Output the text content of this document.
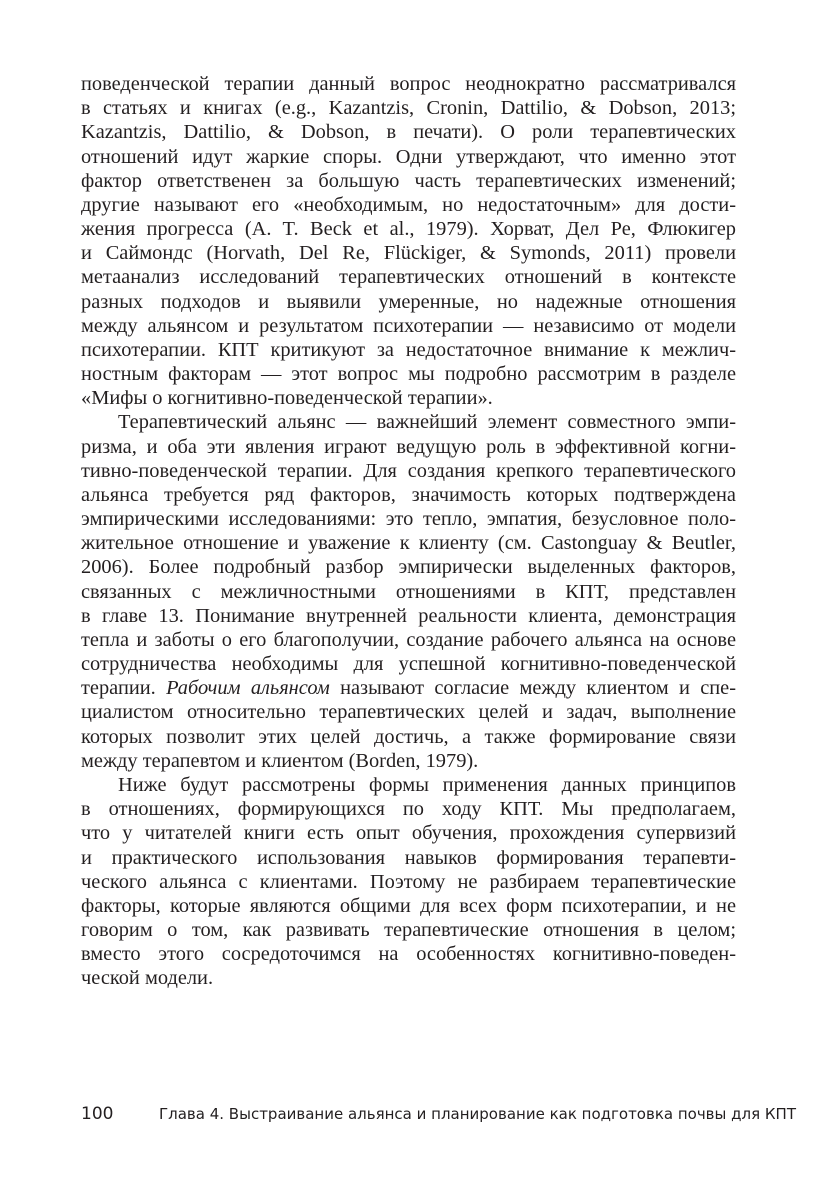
поведенческой терапии данный вопрос неоднократно рассматривался
в статьях и книгах (e.g., Kazantzis, Cronin, Dattilio, & Dobson, 2013;
Kazantzis, Dattilio, & Dobson, в печати). О роли терапевтических
отношений идут жаркие споры. Одни утверждают, что именно этот
фактор ответственен за большую часть терапевтических изменений;
другие называют его «необходимым, но недостаточным» для дости-
жения прогресса (A. T. Beck et al., 1979). Хорват, Дел Ре, Флюкигер
и Саймондс (Horvath, Del Re, Flückiger, & Symonds, 2011) провели
метаанализ исследований терапевтических отношений в контексте
разных подходов и выявили умеренные, но надежные отношения
между альянсом и результатом психотерапии — независимо от модели
психотерапии. КПТ критикуют за недостаточное внимание к межлич-
ностным факторам — этот вопрос мы подробно рассмотрим в разделе
«Мифы о когнитивно-поведенческой терапии».
Терапевтический альянс — важнейший элемент совместного эмпи-
ризма, и оба эти явления играют ведущую роль в эффективной когни-
тивно-поведенческой терапии. Для создания крепкого терапевтического
альянса требуется ряд факторов, значимость которых подтверждена
эмпирическими исследованиями: это тепло, эмпатия, безусловное поло-
жительное отношение и уважение к клиенту (см. Castonguay & Beutler,
2006). Более подробный разбор эмпирически выделенных факторов,
связанных с межличностными отношениями в КПТ, представлен
в главе 13. Понимание внутренней реальности клиента, демонстрация
тепла и заботы о его благополучии, создание рабочего альянса на основе
сотрудничества необходимы для успешной когнитивно-поведенческой
терапии. Рабочим альянсом называют согласие между клиентом и спе-
циалистом относительно терапевтических целей и задач, выполнение
которых позволит этих целей достичь, а также формирование связи
между терапевтом и клиентом (Borden, 1979).
Ниже будут рассмотрены формы применения данных принципов
в отношениях, формирующихся по ходу КПТ. Мы предполагаем,
что у читателей книги есть опыт обучения, прохождения супервизий
и практического использования навыков формирования терапевти-
ческого альянса с клиентами. Поэтому не разбираем терапевтические
факторы, которые являются общими для всех форм психотерапии, и не
говорим о том, как развивать терапевтические отношения в целом;
вместо этого сосредоточимся на особенностях когнитивно-поведен-
ческой модели.
100	Глава 4. Выстраивание альянса и планирование как подготовка почвы для КПТ
